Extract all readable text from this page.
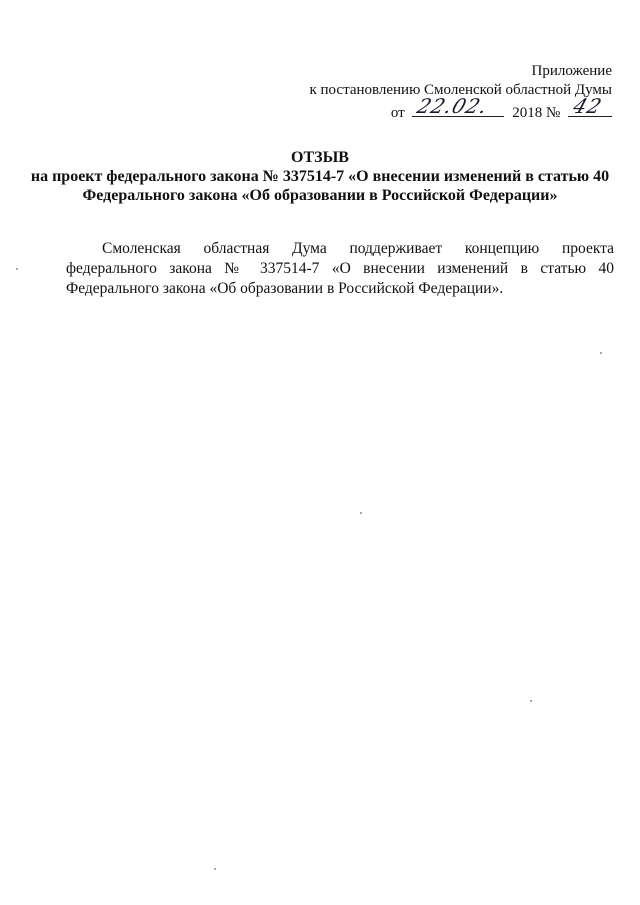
Приложение
к постановлению Смоленской областной Думы
от 22.02. 2018 № 42
ОТЗЫВ
на проект федерального закона № 337514-7 «О внесении изменений в статью 40
Федерального закона «Об образовании в Российской Федерации»

Смоленская областная Дума поддерживает концепцию проекта федерального закона № 337514-7 «О внесении изменений в статью 40 Федерального закона «Об образовании в Российской Федерации».
